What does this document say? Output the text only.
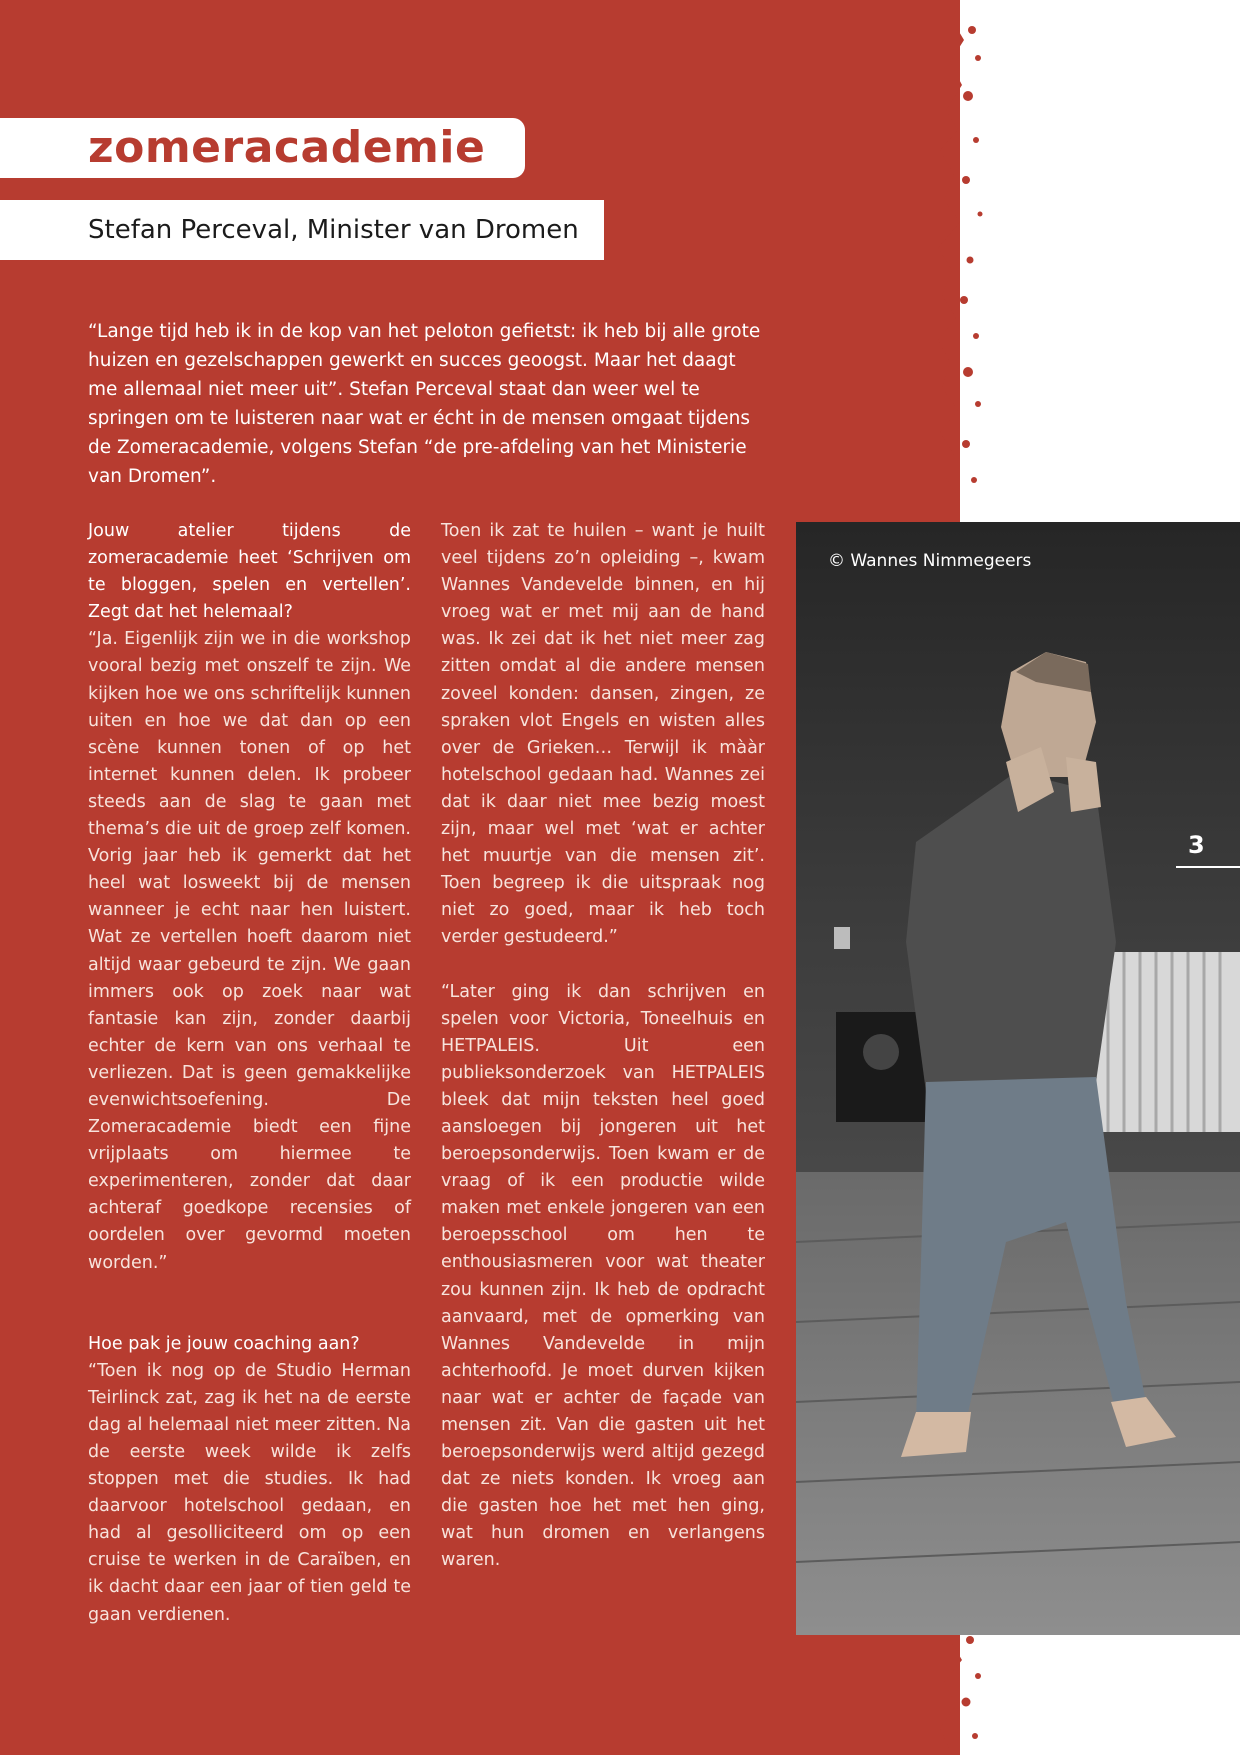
zomeracademie
Stefan Perceval, Minister van Dromen

“Lange tijd heb ik in de kop van het peloton gefietst: ik heb bij alle grote huizen en gezelschappen gewerkt en succes geoogst. Maar het daagt me allemaal niet meer uit”. Stefan Perceval staat dan weer wel te springen om te luisteren naar wat er écht in de mensen omgaat tijdens de Zomeracademie, volgens Stefan “de pre-afdeling van het Ministerie van Dromen”.

Jouw atelier tijdens de zomeracademie heet ‘Schrijven om te bloggen, spelen en vertellen’. Zegt dat het helemaal?

“Ja. Eigenlijk zijn we in die workshop vooral bezig met onszelf te zijn. We kijken hoe we ons schriftelijk kunnen uiten en hoe we dat dan op een scène kunnen tonen of op het internet kunnen delen. Ik probeer steeds aan de slag te gaan met thema’s die uit de groep zelf komen. Vorig jaar heb ik gemerkt dat het heel wat losweekt bij de mensen wanneer je echt naar hen luistert. Wat ze vertellen hoeft daarom niet altijd waar gebeurd te zijn. We gaan immers ook op zoek naar wat fantasie kan zijn, zonder daarbij echter de kern van ons verhaal te verliezen. Dat is geen gemakkelijke evenwichtsoefening. De Zomeracademie biedt een fijne vrijplaats om hiermee te experimenteren, zonder dat daar achteraf goedkope recensies of oordelen over gevormd moeten worden.”

Hoe pak je jouw coaching aan?

“Toen ik nog op de Studio Herman Teirlinck zat, zag ik het na de eerste dag al helemaal niet meer zitten. Na de eerste week wilde ik zelfs stoppen met die studies. Ik had daarvoor hotelschool gedaan, en had al gesolliciteerd om op een cruise te werken in de Caraïben, en ik dacht daar een jaar of tien geld te gaan verdienen.

Toen ik zat te huilen – want je huilt veel tijdens zo’n opleiding –, kwam Wannes Vandevelde binnen, en hij vroeg wat er met mij aan de hand was. Ik zei dat ik het niet meer zag zitten omdat al die andere mensen zoveel konden: dansen, zingen, ze spraken vlot Engels en wisten alles over de Grieken… Terwijl ik mààr hotelschool gedaan had. Wannes zei dat ik daar niet mee bezig moest zijn, maar wel met ‘wat er achter het muurtje van die mensen zit’. Toen begreep ik die uitspraak nog niet zo goed, maar ik heb toch verder gestudeerd.”

“Later ging ik dan schrijven en spelen voor Victoria, Toneelhuis en HETPALEIS. Uit een publieksonderzoek van HETPALEIS bleek dat mijn teksten heel goed aansloegen bij jongeren uit het beroepsonderwijs. Toen kwam er de vraag of ik een productie wilde maken met enkele jongeren van een beroepsschool om hen te enthousiasmeren voor wat theater zou kunnen zijn. Ik heb de opdracht aanvaard, met de opmerking van Wannes Vandevelde in mijn achterhoofd. Je moet durven kijken naar wat er achter de façade van mensen zit. Van die gasten uit het beroepsonderwijs werd altijd gezegd dat ze niets konden. Ik vroeg aan die gasten hoe het met hen ging, wat hun dromen en verlangens waren.

© Wannes Nimmegeers

3
